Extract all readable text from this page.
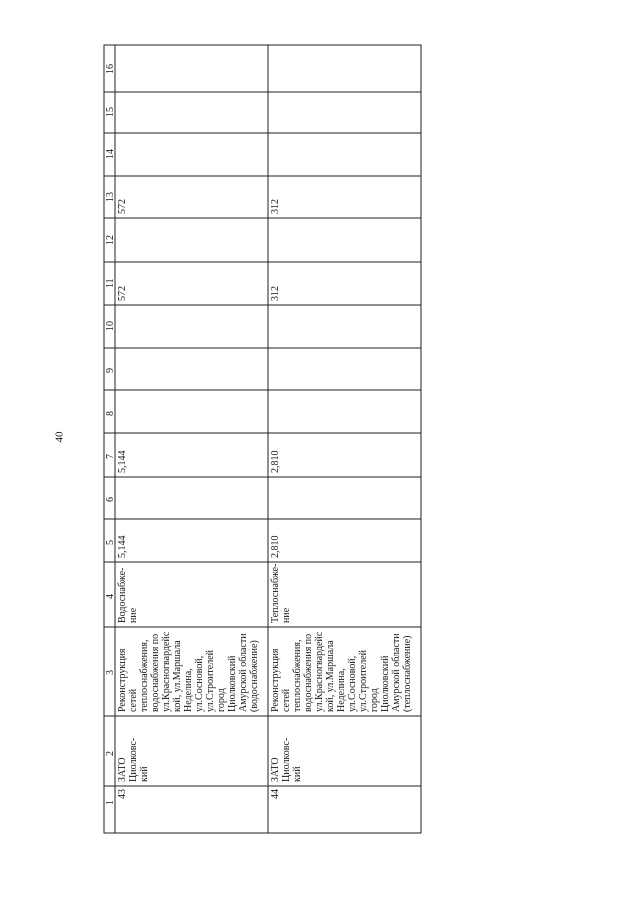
40
1
2
3
4
5
6
7
8
9
10
11
12
13
14
15
16
43
ЗАТО
Циолковс-
кий
Реконструкция
сетей
теплоснабжения,
водоснабжения по
ул.Красногвардейс
кой, ул.Маршала
Неделина,
ул.Сосновой,
ул.Строителей
город
Циолковский
Амурской области
(водоснабжение)
Водоснабже-
ние
5,144
5,144
572
572
44
ЗАТО
Циолковс-
кий
Реконструкция
сетей
теплоснабжения,
водоснабжения по
ул.Красногвардейс
кой, ул.Маршала
Неделина,
ул.Сосновой,
ул.Строителей
город
Циолковский
Амурской области
(теплоснабжение)
Теплоснабже-
ние
2,810
2,810
312
312
